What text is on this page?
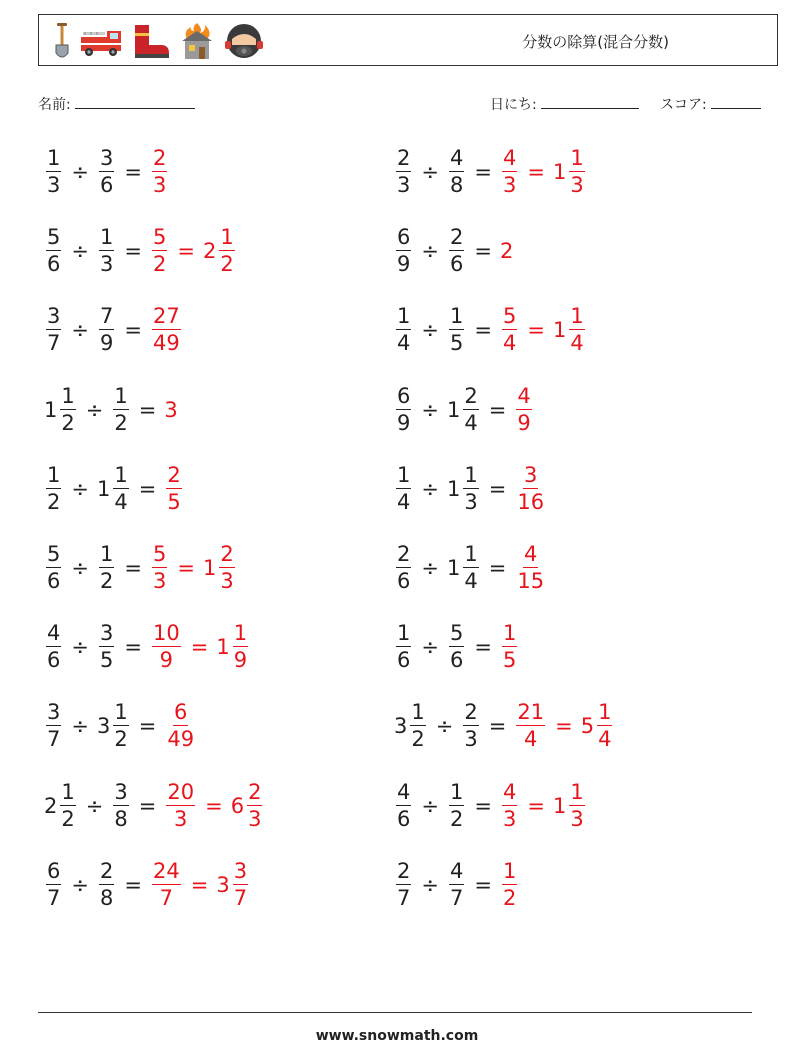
分数の除算(混合分数)
名前:	日にち:	スコア:
$\frac{1}{3} \div \frac{3}{6} = \frac{2}{3}$	$\frac{2}{3} \div \frac{4}{8} = \frac{4}{3} = 1 \frac{1}{3}$
$\frac{5}{6} \div \frac{1}{3} = \frac{5}{2} = 2 \frac{1}{2}$	$\frac{6}{9} \div \frac{2}{6} = 2$
$\frac{3}{7} \div \frac{7}{9} = \frac{27}{49}$	$\frac{1}{4} \div \frac{1}{5} = \frac{5}{4} = 1 \frac{1}{4}$
$1 \frac{1}{2} \div \frac{1}{2} = 3$	$\frac{6}{9} \div 1 \frac{2}{4} = \frac{4}{9}$
$\frac{1}{2} \div 1 \frac{1}{4} = \frac{2}{5}$	$\frac{1}{4} \div 1 \frac{1}{3} = \frac{3}{16}$
$\frac{5}{6} \div \frac{1}{2} = \frac{5}{3} = 1 \frac{2}{3}$	$\frac{2}{6} \div 1 \frac{1}{4} = \frac{4}{15}$
$\frac{4}{6} \div \frac{3}{5} = \frac{10}{9} = 1 \frac{1}{9}$	$\frac{1}{6} \div \frac{5}{6} = \frac{1}{5}$
$\frac{3}{7} \div 3 \frac{1}{2} = \frac{6}{49}$	$3 \frac{1}{2} \div \frac{2}{3} = \frac{21}{4} = 5 \frac{1}{4}$
$2 \frac{1}{2} \div \frac{3}{8} = \frac{20}{3} = 6 \frac{2}{3}$	$\frac{4}{6} \div \frac{1}{2} = \frac{4}{3} = 1 \frac{1}{3}$
$\frac{6}{7} \div \frac{2}{8} = \frac{24}{7} = 3 \frac{3}{7}$	$\frac{2}{7} \div \frac{4}{7} = \frac{1}{2}$
www.snowmath.com
